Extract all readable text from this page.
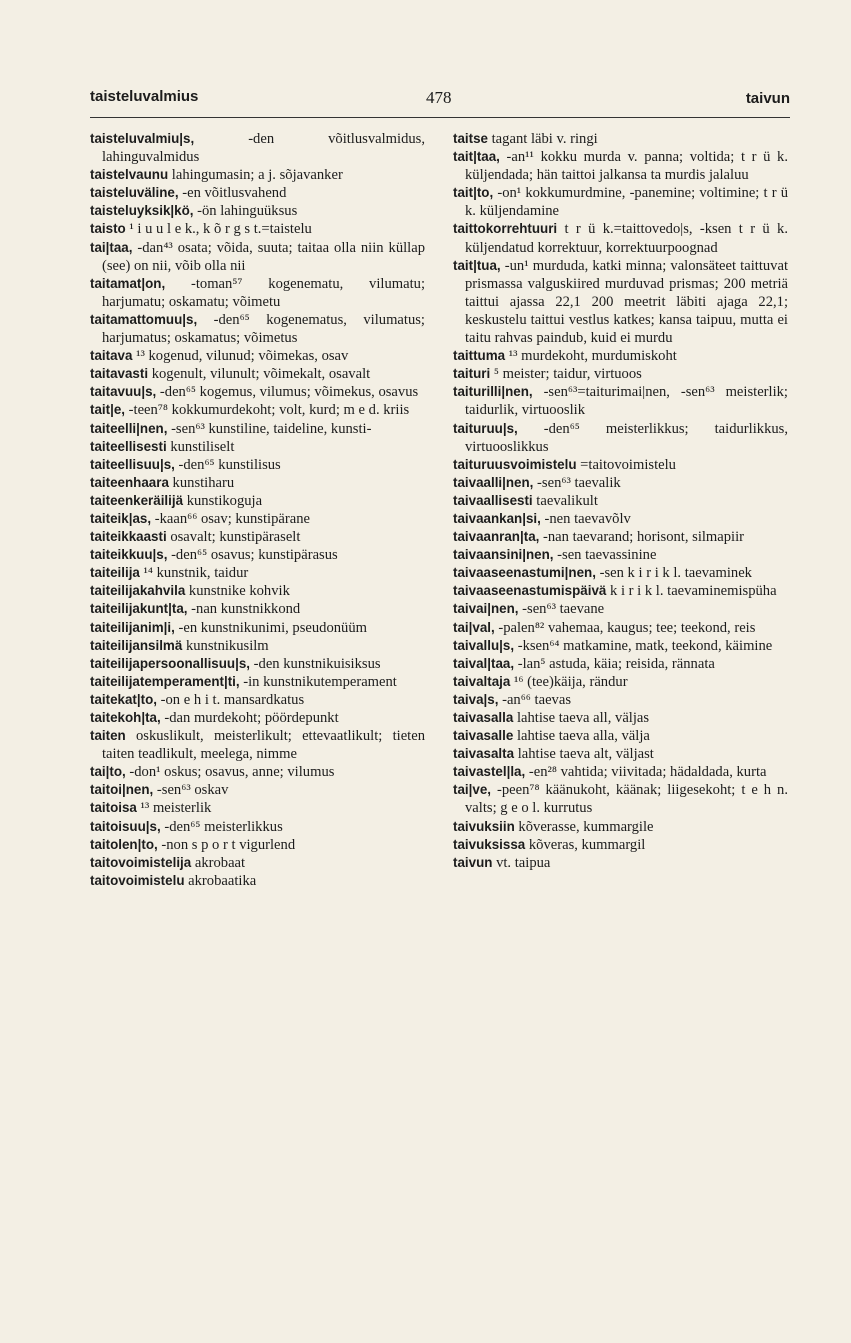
taisteluvalmius	478	taivun
taisteluvalmiu|s, -den võitlusvalmidus, lahinguvalmidus
taistelvaunu lahingumasin; a j. sõjavanker
taisteluväline, -en võitlusvahend
taisteluyksik|kö, -ön lahinguüksus
taisto ¹ i u u l e k., k õ r g s t.=taistelu
tai|taa, -dan⁴³ osata; võida, suuta; taitaa olla niin küllap (see) on nii, võib olla nii
taitamat|on, -toman⁵⁷ kogenematu, vilumatu; harjumatu; oskamatu; võimetu
taitamattomuu|s, -den⁶⁵ kogenematus, vilumatus; harjumatus; oskamatus; võimetus
taitava ¹³ kogenud, vilunud; võimekas, osav
taitavasti kogenult, vilunult; võimekalt, osavalt
taitavuu|s, -den⁶⁵ kogemus, vilumus; võimekus, osavus
tait|e, -teen⁷⁸ kokkumurdekoht; volt, kurd; m e d. kriis
taiteelli|nen, -sen⁶³ kunstiline, taideline, kunsti-
taiteellisesti kunstiliselt
taiteellisuu|s, -den⁶⁵ kunstilisus
taiteenhaara kunstiharu
taiteenkeräilijä kunstikoguja
taiteik|as, -kaan⁶⁶ osav; kunstipärane
taiteikkaasti osavalt; kunstipäraselt
taiteikkuu|s, -den⁶⁵ osavus; kunstipärasus
taiteilija ¹⁴ kunstnik, taidur
taiteilijakahvila kunstnike kohvik
taiteilijakunt|ta, -nan kunstnikkond
taiteilijanim|i, -en kunstnikunimi, pseudonüüm
taiteilijansilmä kunstnikusilm
taiteilijapersoonallisuu|s, -den kunstnikuisiksus
taiteilijatemperament|ti, -in kunstnikutemperament
taitekat|to, -on e h i t. mansardkatus
taitekoh|ta, -dan murdekoht; pöördepunkt
taiten oskuslikult, meisterlikult; ettevaatlikult; tieten taiten teadlikult, meelega, nimme
tai|to, -don¹ oskus; osavus, anne; vilumus
taitoi|nen, -sen⁶³ oskav
taitoisa ¹³ meisterlik
taitoisuu|s, -den⁶⁵ meisterlikkus
taitolen|to, -non s p o r t vigurlend
taitovoimistelija akrobaat
taitovoimistelu akrobaatika
taitse tagant läbi v. ringi
tait|taa, -an¹¹ kokku murda v. panna; voltida; t r ü k. küljendada; hän taittoi jalkansa ta murdis jalaluu
tait|to, -on¹ kokkumurdmine, -panemine; voltimine; t r ü k. küljendamine
taittokorrehtuuri t r ü k.=taittovedo|s, -ksen t r ü k. küljendatud korrektuur, korrektuurpoognad
tait|tua, -un¹ murduda, katki minna; valonsäteet taittuvat prismassa valguskiired murduvad prismas; 200 metriä taittui ajassa 22,1 200 meetrit läbiti ajaga 22,1; keskustelu taittui vestlus katkes; kansa taipuu, mutta ei taitu rahvas paindub, kuid ei murdu
taittuma ¹³ murdekoht, murdumiskoht
taituri ⁵ meister; taidur, virtuoos
taiturilli|nen, -sen⁶³=taiturimai|nen, -sen⁶³ meisterlik; taidurlik, virtuooslik
taituruu|s, -den⁶⁵ meisterlikkus; taidurlikkus, virtuooslikkus
taituruusvoimistelu =taitovoimistelu
taivaalli|nen, -sen⁶³ taevalik
taivaallisesti taevalikult
taivaankan|si, -nen taevavõlv
taivaanran|ta, -nan taevarand; horisont, silmapiir
taivaansini|nen, -sen taevassinine
taivaaseenastumi|nen, -sen k i r i k l. taevaminek
taivaaseenastumispäivä k i r i k l. taevaminemispüha
taivai|nen, -sen⁶³ taevane
tai|val, -palen⁸² vahemaa, kaugus; tee; teekond, reis
taivallu|s, -ksen⁶⁴ matkamine, matk, teekond, käimine
taival|taa, -lan⁵ astuda, käia; reisida, rännata
taivaltaja ¹⁶ (tee)käija, rändur
taiva|s, -an⁶⁶ taevas
taivasalla lahtise taeva all, väljas
taivasalle lahtise taeva alla, välja
taivasalta lahtise taeva alt, väljast
taivastel|la, -en²⁸ vahtida; viivitada; hädaldada, kurta
tai|ve, -peen⁷⁸ käänukoht, käänak; liigesekoht; t e h n. valts; g e o l. kurrutus
taivuksiin kõverasse, kummargile
taivuksissa kõveras, kummargil
taivun vt. taipua
